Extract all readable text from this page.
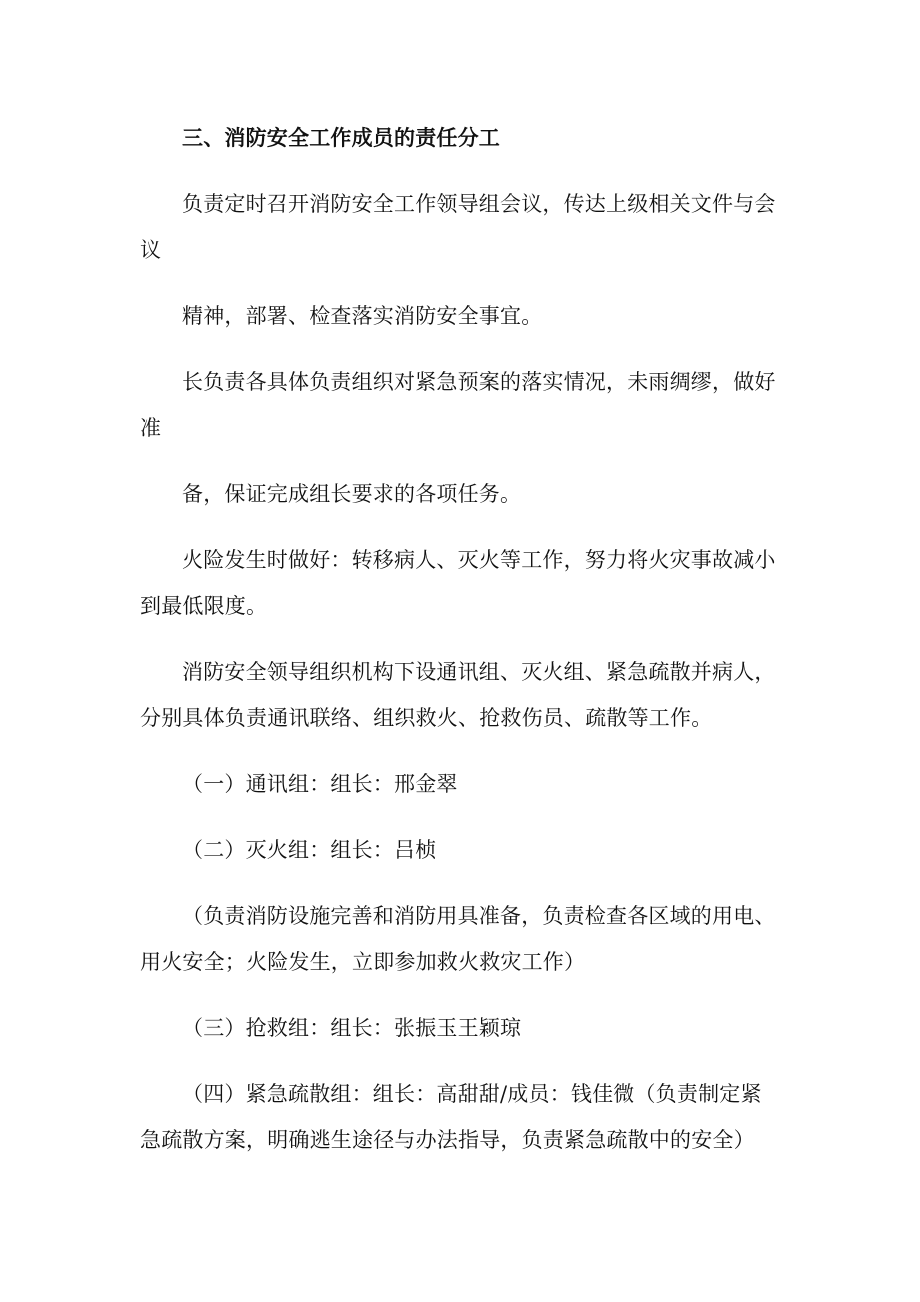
三、消防安全工作成员的责任分工
负责定时召开消防安全工作领导组会议，传达上级相关文件与会
议
精神，部署、检查落实消防安全事宜。
长负责各具体负责组织对紧急预案的落实情况，未雨绸缪，做好
准
备，保证完成组长要求的各项任务。
火险发生时做好：转移病人、灭火等工作，努力将火灾事故减小
到最低限度。
消防安全领导组织机构下设通讯组、灭火组、紧急疏散并病人，
分别具体负责通讯联络、组织救火、抢救伤员、疏散等工作。
（一）通讯组：组长：邢金翠
（二）灭火组：组长：吕桢
（负责消防设施完善和消防用具准备，负责检查各区域的用电、
用火安全；火险发生，立即参加救火救灾工作）
（三）抢救组：组长：张振玉王颖琼
（四）紧急疏散组：组长：高甜甜/成员：钱佳微（负责制定紧
急疏散方案，明确逃生途径与办法指导，负责紧急疏散中的安全）
